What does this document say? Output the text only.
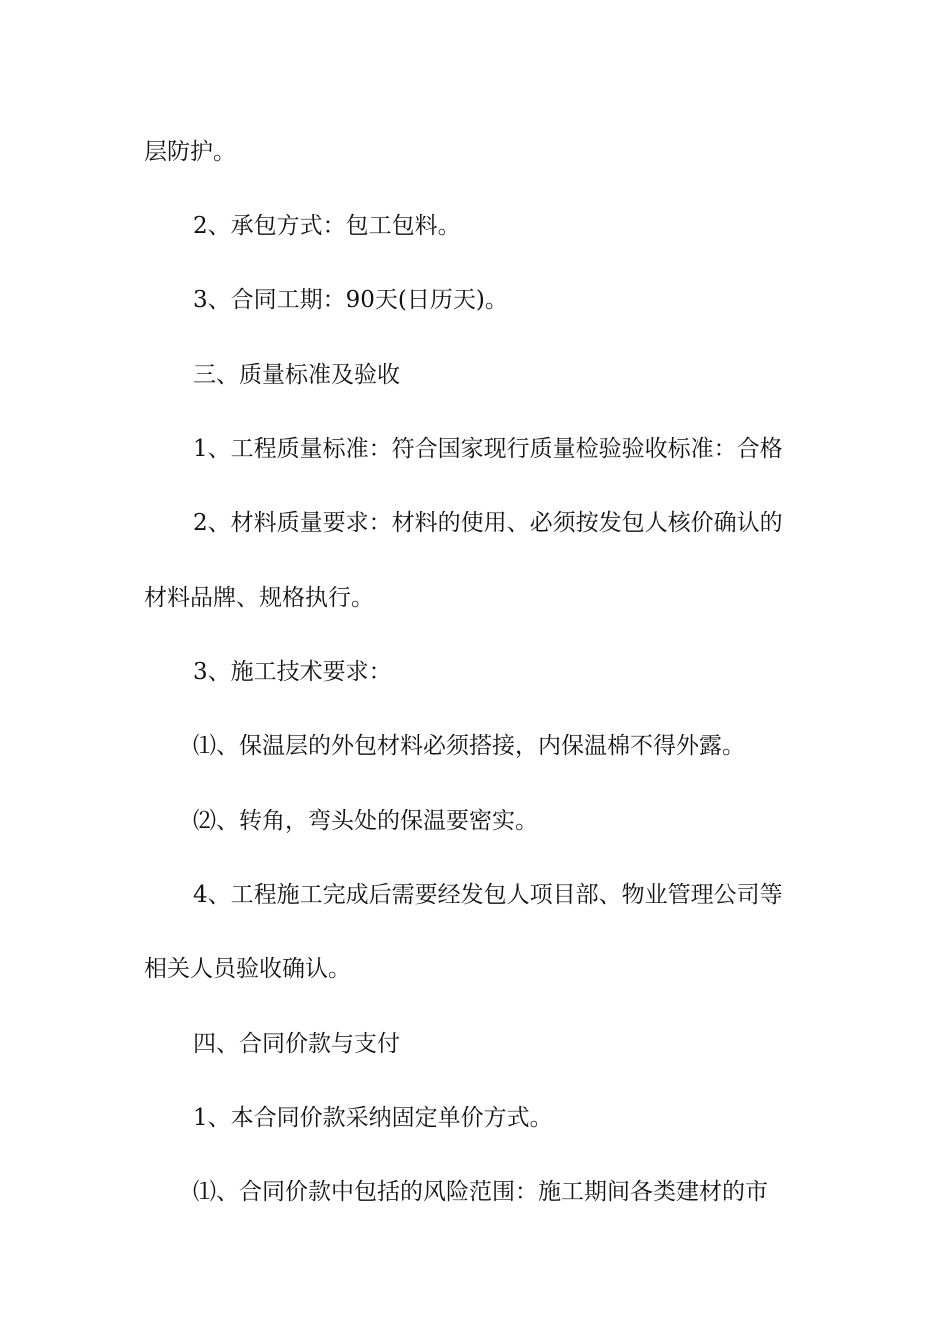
层防护。
2、承包方式：包工包料。
3、合同工期：90天(日历天)。
三、质量标准及验收
1、工程质量标准：符合国家现行质量检验验收标准：合格
2、材料质量要求：材料的使用、必须按发包人核价确认的
材料品牌、规格执行。
3、施工技术要求：
⑴、保温层的外包材料必须搭接，内保温棉不得外露。
⑵、转角，弯头处的保温要密实。
4、工程施工完成后需要经发包人项目部、物业管理公司等
相关人员验收确认。
四、合同价款与支付
1、本合同价款采纳固定单价方式。
⑴、合同价款中包括的风险范围：施工期间各类建材的市
